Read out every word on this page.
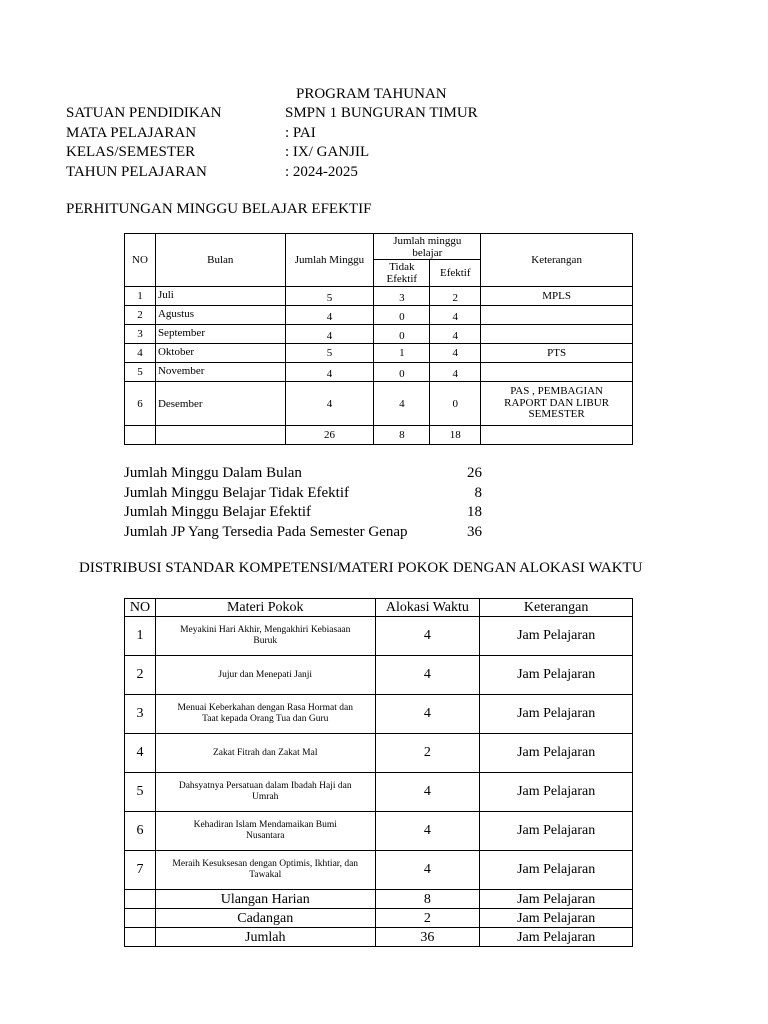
PROGRAM TAHUNAN
SATUAN PENDIDIKAN	SMPN 1 BUNGURAN TIMUR
MATA PELAJARAN	: PAI
KELAS/SEMESTER	: IX/ GANJIL
TAHUN PELAJARAN	: 2024-2025
PERHITUNGAN MINGGU BELAJAR EFEKTIF
NO	Bulan	Jumlah Minggu	Jumlah minggu belajar		Keterangan
			Tidak Efektif	Efektif	
1	Juli	5	3	2	MPLS
2	Agustus	4	0	4	
3	September	4	0	4	
4	Oktober	5	1	4	PTS
5	November	4	0	4	
6	Desember	4	4	0	PAS , PEMBAGIAN RAPORT DAN LIBUR SEMESTER
		26	8	18	
Jumlah Minggu Dalam Bulan	26
Jumlah Minggu Belajar Tidak Efektif	8
Jumlah Minggu Belajar Efektif	18
Jumlah JP Yang Tersedia Pada Semester Genap	36
DISTRIBUSI STANDAR KOMPETENSI/MATERI POKOK DENGAN ALOKASI WAKTU
NO	Materi Pokok	Alokasi Waktu	Keterangan
1	Meyakini Hari Akhir, Mengakhiri Kebiasaan Buruk	4	Jam Pelajaran
2	Jujur dan Menepati Janji	4	Jam Pelajaran
3	Menuai Keberkahan dengan Rasa Hormat dan Taat kepada Orang Tua dan Guru	4	Jam Pelajaran
4	Zakat Fitrah dan Zakat Mal	2	Jam Pelajaran
5	Dahsyatnya Persatuan dalam Ibadah Haji dan Umrah	4	Jam Pelajaran
6	Kehadiran Islam Mendamaikan Bumi Nusantara	4	Jam Pelajaran
7	Meraih Kesuksesan dengan Optimis, Ikhtiar, dan Tawakal	4	Jam Pelajaran
	Ulangan Harian	8	Jam Pelajaran
	Cadangan	2	Jam Pelajaran
	Jumlah	36	Jam Pelajaran
